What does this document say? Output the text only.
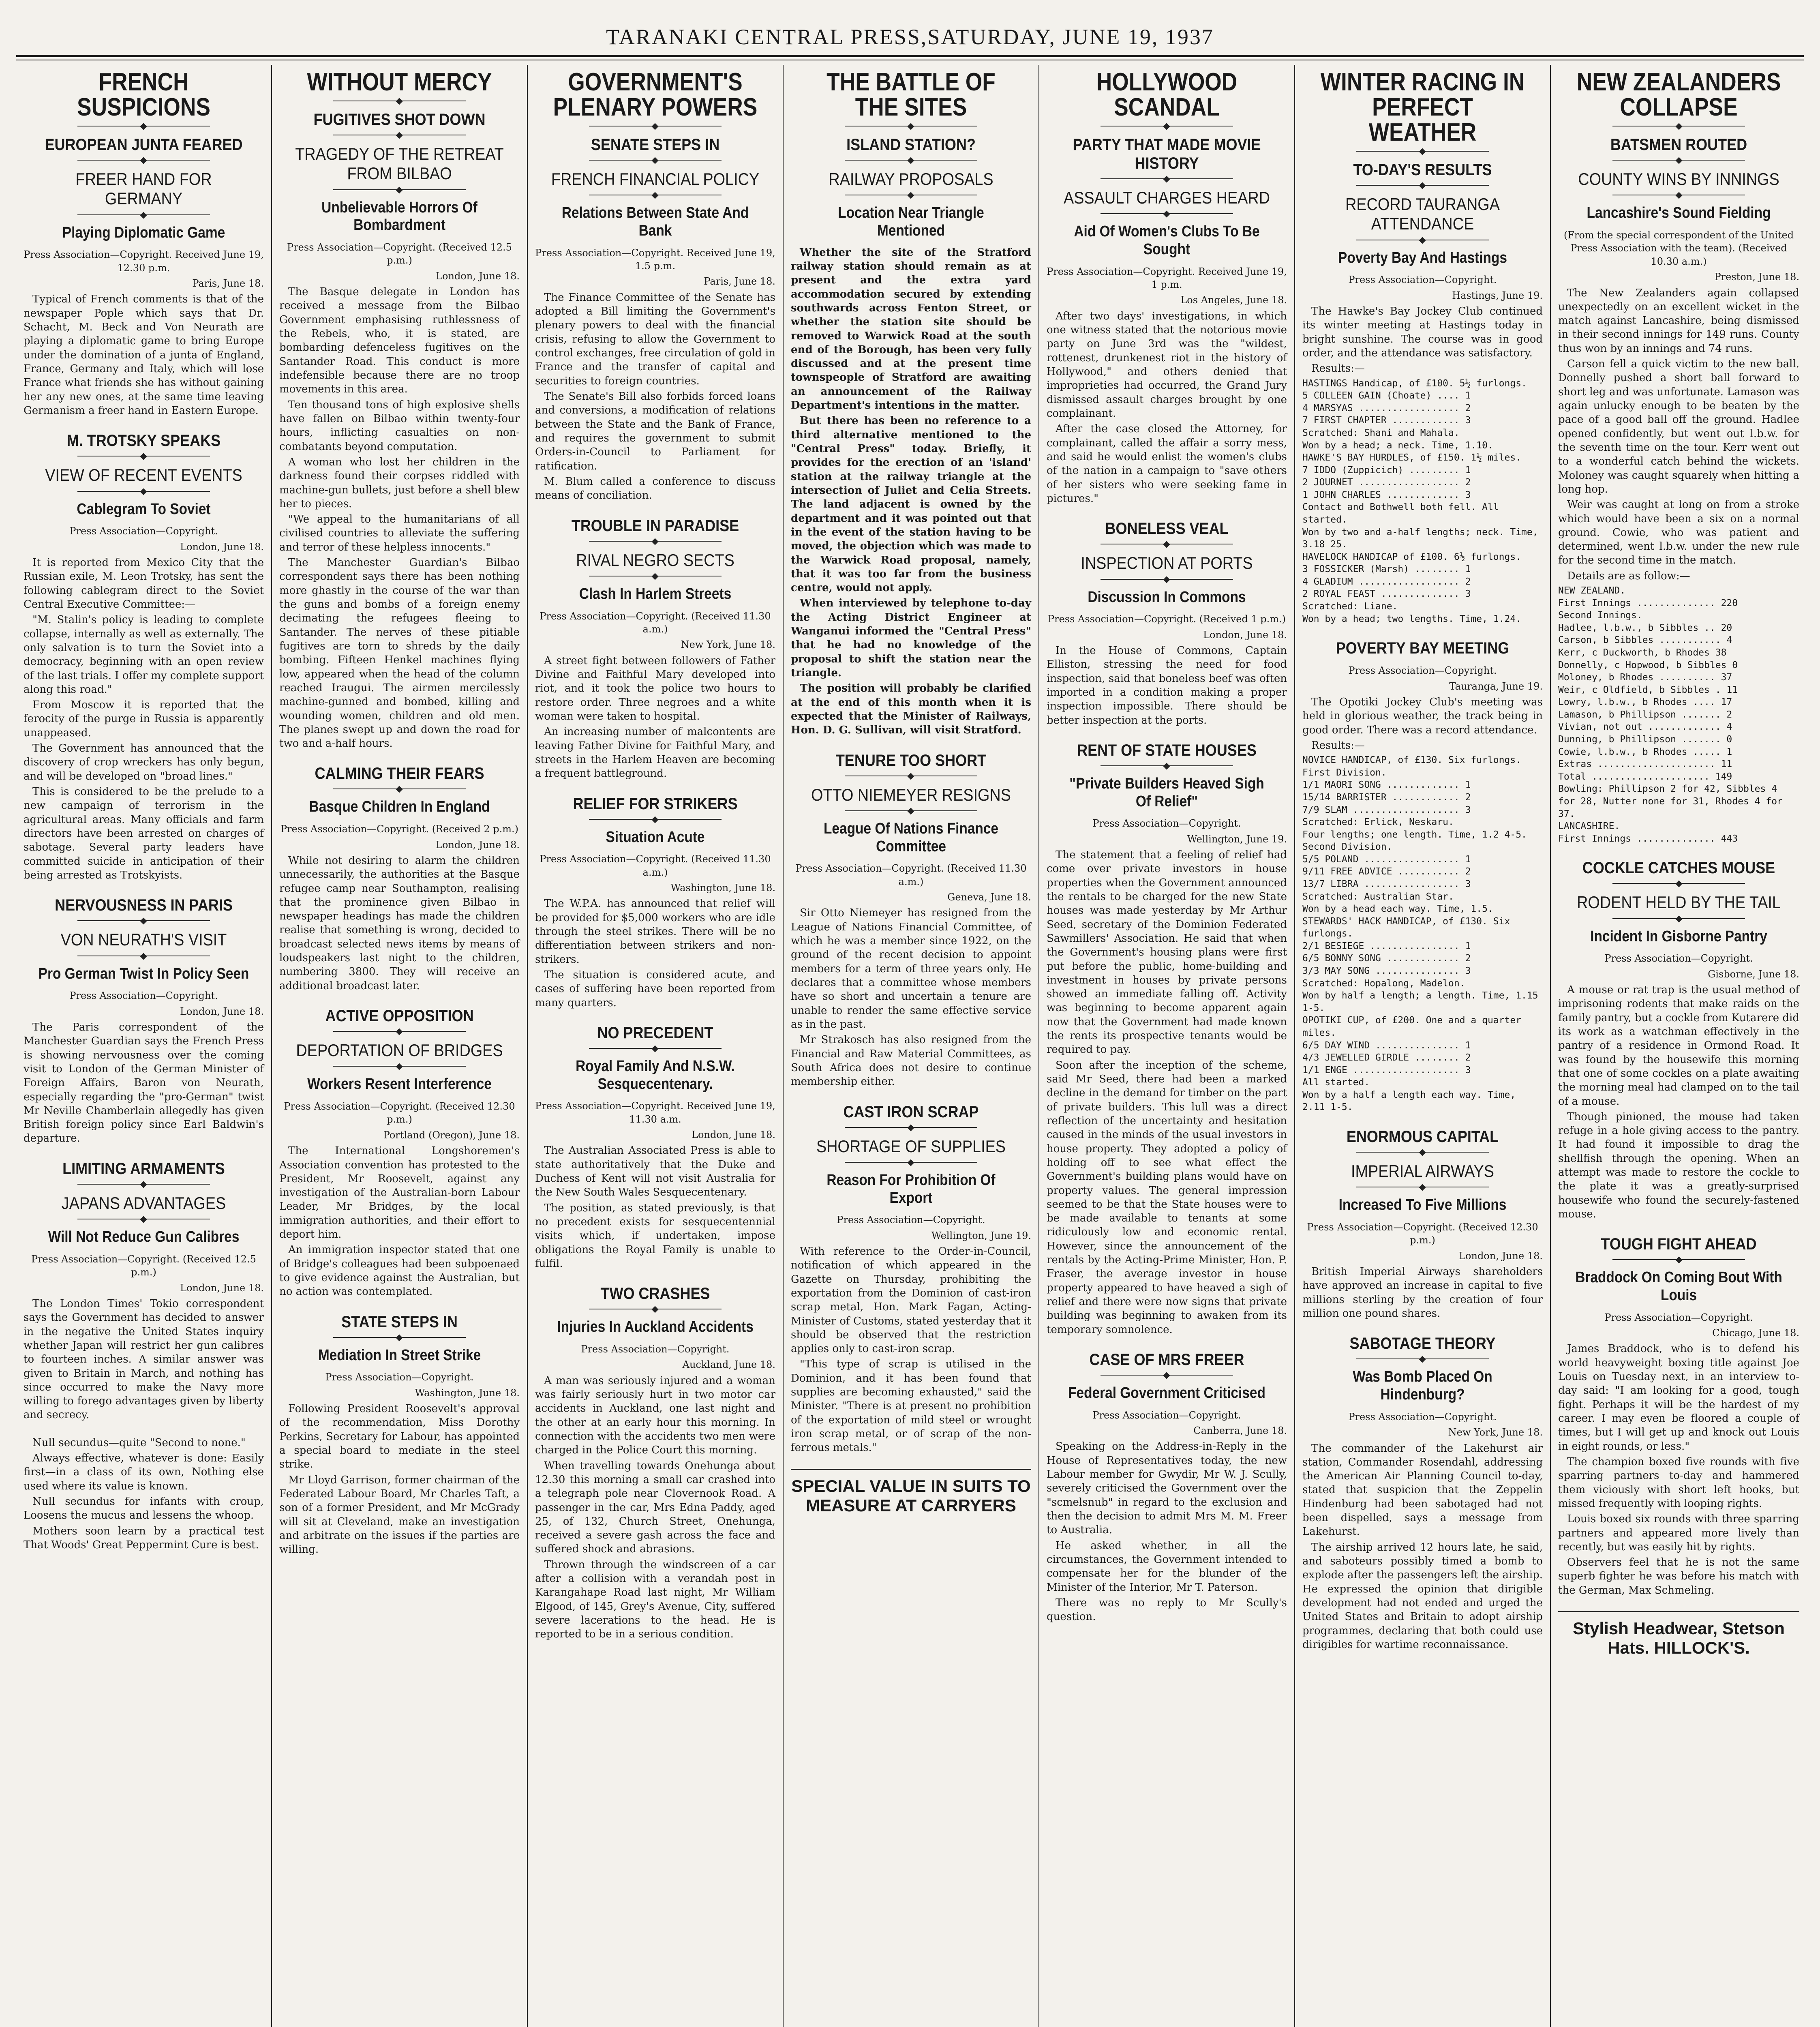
TARANAKI CENTRAL PRESS,SATURDAY, JUNE 19, 1937
FRENCH SUSPICIONS
EUROPEAN JUNTA FEARED
FREER HAND FOR GERMANY
Playing Diplomatic Game
Press Association—Copyright. Received June 19, 12.30 p.m.
Paris, June 18.

Typical of French comments is that of the newspaper Pople which says that Dr. Schacht, M. Beck and Von Neurath are playing a diplomatic game to bring Europe under the domination of a junta of England, France, Germany and Italy, which will lose France what friends she has without gaining her any new ones, at the same time leaving Germanism a freer hand in Eastern Europe.

M. TROTSKY SPEAKS
VIEW OF RECENT EVENTS
Cablegram To Soviet
Press Association—Copyright.
London, June 18.

It is reported from Mexico City that the Russian exile, M. Leon Trotsky, has sent the following cablegram direct to the Soviet Central Executive Committee:—

"M. Stalin's policy is leading to complete collapse, internally as well as externally. The only salvation is to turn the Soviet into a democracy, beginning with an open review of the last trials. I offer my complete support along this road."

From Moscow it is reported that the ferocity of the purge in Russia is apparently unappeased.

The Government has announced that the discovery of crop wreckers has only begun, and will be developed on "broad lines."

This is considered to be the prelude to a new campaign of terrorism in the agricultural areas. Many officials and farm directors have been arrested on charges of sabotage. Several party leaders have committed suicide in anticipation of their being arrested as Trotskyists.

NERVOUSNESS IN PARIS
VON NEURATH'S VISIT
Pro German Twist In Policy Seen
Press Association—Copyright.
London, June 18.

The Paris correspondent of the Manchester Guardian says the French Press is showing nervousness over the coming visit to London of the German Minister of Foreign Affairs, Baron von Neurath, especially regarding the "pro-German" twist Mr Neville Chamberlain allegedly has given British foreign policy since Earl Baldwin's departure.

LIMITING ARMAMENTS
JAPANS ADVANTAGES
Will Not Reduce Gun Calibres
Press Association—Copyright. (Received 12.5 p.m.)
London, June 18.

The London Times' Tokio correspondent says the Government has decided to answer in the negative the United States inquiry whether Japan will restrict her gun calibres to fourteen inches. A similar answer was given to Britain in March, and nothing has since occurred to make the Navy more willing to forego advantages given by liberty and secrecy.

Null secundus—quite "Second to none."

Always effective, whatever is done: Easily first—in a class of its own, Nothing else used where its value is known.

Null secundus for infants with croup, Loosens the mucus and lessens the whoop.

Mothers soon learn by a practical test That Woods' Great Peppermint Cure is best.

WITHOUT MERCY
FUGITIVES SHOT DOWN
TRAGEDY OF THE RETREAT FROM BILBAO
Unbelievable Horrors Of Bombardment
Press Association—Copyright. (Received 12.5 p.m.)
London, June 18.

The Basque delegate in London has received a message from the Bilbao Government emphasising ruthlessness of the Rebels, who, it is stated, are bombarding defenceless fugitives on the Santander Road. This conduct is more indefensible because there are no troop movements in this area.

Ten thousand tons of high explosive shells have fallen on Bilbao within twenty-four hours, inflicting casualties on non-combatants beyond computation.

A woman who lost her children in the darkness found their corpses riddled with machine-gun bullets, just before a shell blew her to pieces.

"We appeal to the humanitarians of all civilised countries to alleviate the suffering and terror of these helpless innocents."

The Manchester Guardian's Bilbao correspondent says there has been nothing more ghastly in the course of the war than the guns and bombs of a foreign enemy decimating the refugees fleeing to Santander. The nerves of these pitiable fugitives are torn to shreds by the daily bombing. Fifteen Henkel machines flying low, appeared when the head of the column reached Iraugui. The airmen mercilessly machine-gunned and bombed, killing and wounding women, children and old men. The planes swept up and down the road for two and a-half hours.

CALMING THEIR FEARS
Basque Children In England
Press Association—Copyright. (Received 2 p.m.)
London, June 18.

While not desiring to alarm the children unnecessarily, the authorities at the Basque refugee camp near Southampton, realising that the prominence given Bilbao in newspaper headings has made the children realise that something is wrong, decided to broadcast selected news items by means of loudspeakers last night to the children, numbering 3800. They will receive an additional broadcast later.

ACTIVE OPPOSITION
DEPORTATION OF BRIDGES
Workers Resent Interference
Press Association—Copyright. (Received 12.30 p.m.)
Portland (Oregon), June 18.

The International Longshoremen's Association convention has protested to the President, Mr Roosevelt, against any investigation of the Australian-born Labour Leader, Mr Bridges, by the local immigration authorities, and their effort to deport him.

An immigration inspector stated that one of Bridge's colleagues had been subpoenaed to give evidence against the Australian, but no action was contemplated.

STATE STEPS IN
Mediation In Street Strike
Press Association—Copyright.
Washington, June 18.

Following President Roosevelt's approval of the recommendation, Miss Dorothy Perkins, Secretary for Labour, has appointed a special board to mediate in the steel strike.

Mr Lloyd Garrison, former chairman of the Federated Labour Board, Mr Charles Taft, a son of a former President, and Mr McGrady will sit at Cleveland, make an investigation and arbitrate on the issues if the parties are willing.

GOVERNMENT'S PLENARY POWERS
SENATE STEPS IN
FRENCH FINANCIAL POLICY
Relations Between State And Bank
Press Association—Copyright. Received June 19, 1.5 p.m.
Paris, June 18.

The Finance Committee of the Senate has adopted a Bill limiting the Government's plenary powers to deal with the financial crisis, refusing to allow the Government to control exchanges, free circulation of gold in France and the transfer of capital and securities to foreign countries.

The Senate's Bill also forbids forced loans and conversions, a modification of relations between the State and the Bank of France, and requires the government to submit Orders-in-Council to Parliament for ratification.

M. Blum called a conference to discuss means of conciliation.

TROUBLE IN PARADISE
RIVAL NEGRO SECTS
Clash In Harlem Streets
Press Association—Copyright. (Received 11.30 a.m.)
New York, June 18.

A street fight between followers of Father Divine and Faithful Mary developed into riot, and it took the police two hours to restore order. Three negroes and a white woman were taken to hospital.

An increasing number of malcontents are leaving Father Divine for Faithful Mary, and streets in the Harlem Heaven are becoming a frequent battleground.

RELIEF FOR STRIKERS
Situation Acute
Press Association—Copyright. (Received 11.30 a.m.)
Washington, June 18.

The W.P.A. has announced that relief will be provided for $5,000 workers who are idle through the steel strikes. There will be no differentiation between strikers and non-strikers.

The situation is considered acute, and cases of suffering have been reported from many quarters.

NO PRECEDENT
Royal Family And N.S.W. Sesquecentenary.
Press Association—Copyright. Received June 19, 11.30 a.m.
London, June 18.

The Australian Associated Press is able to state authoritatively that the Duke and Duchess of Kent will not visit Australia for the New South Wales Sesquecentenary.

The position, as stated previously, is that no precedent exists for sesquecentennial visits which, if undertaken, impose obligations the Royal Family is unable to fulfil.

TWO CRASHES
Injuries In Auckland Accidents
Press Association—Copyright.
Auckland, June 18.

A man was seriously injured and a woman was fairly seriously hurt in two motor car accidents in Auckland, one last night and the other at an early hour this morning. In connection with the accidents two men were charged in the Police Court this morning.

When travelling towards Onehunga about 12.30 this morning a small car crashed into a telegraph pole near Clovernook Road. A passenger in the car, Mrs Edna Paddy, aged 25, of 132, Church Street, Onehunga, received a severe gash across the face and suffered shock and abrasions.

Thrown through the windscreen of a car after a collision with a verandah post in Karangahape Road last night, Mr William Elgood, of 145, Grey's Avenue, City, suffered severe lacerations to the head. He is reported to be in a serious condition.

THE BATTLE OF THE SITES
ISLAND STATION?
RAILWAY PROPOSALS
Location Near Triangle Mentioned

Whether the site of the Stratford railway station should remain as at present and the extra yard accommodation secured by extending southwards across Fenton Street, or whether the station site should be removed to Warwick Road at the south end of the Borough, has been very fully discussed and at the present time townspeople of Stratford are awaiting an announcement of the Railway Department's intentions in the matter.

But there has been no reference to a third alternative mentioned to the "Central Press" today. Briefly, it provides for the erection of an 'island' station at the railway triangle at the intersection of Juliet and Celia Streets. The land adjacent is owned by the department and it was pointed out that in the event of the station having to be moved, the objection which was made to the Warwick Road proposal, namely, that it was too far from the business centre, would not apply.

When interviewed by telephone to-day the Acting District Engineer at Wanganui informed the "Central Press" that he had no knowledge of the proposal to shift the station near the triangle.

The position will probably be clarified at the end of this month when it is expected that the Minister of Railways, Hon. D. G. Sullivan, will visit Stratford.

TENURE TOO SHORT
OTTO NIEMEYER RESIGNS
League Of Nations Finance Committee
Press Association—Copyright. (Received 11.30 a.m.)
Geneva, June 18.

Sir Otto Niemeyer has resigned from the League of Nations Financial Committee, of which he was a member since 1922, on the ground of the recent decision to appoint members for a term of three years only. He declares that a committee whose members have so short and uncertain a tenure are unable to render the same effective service as in the past.

Mr Strakosch has also resigned from the Financial and Raw Material Committees, as South Africa does not desire to continue membership either.

CAST IRON SCRAP
SHORTAGE OF SUPPLIES
Reason For Prohibition Of Export
Press Association—Copyright.
Wellington, June 19.

With reference to the Order-in-Council, notification of which appeared in the Gazette on Thursday, prohibiting the exportation from the Dominion of cast-iron scrap metal, Hon. Mark Fagan, Acting-Minister of Customs, stated yesterday that it should be observed that the restriction applies only to cast-iron scrap.

"This type of scrap is utilised in the Dominion, and it has been found that supplies are becoming exhausted," said the Minister. "There is at present no prohibition of the exportation of mild steel or wrought iron scrap metal, or of scrap of the non-ferrous metals."

SPECIAL VALUE IN SUITS TO MEASURE AT CARRYERS
HOLLYWOOD SCANDAL
PARTY THAT MADE MOVIE HISTORY
ASSAULT CHARGES HEARD
Aid Of Women's Clubs To Be Sought
Press Association—Copyright. Received June 19, 1 p.m.
Los Angeles, June 18.

After two days' investigations, in which one witness stated that the notorious movie party on June 3rd was the "wildest, rottenest, drunkenest riot in the history of Hollywood," and others denied that improprieties had occurred, the Grand Jury dismissed assault charges brought by one complainant.

After the case closed the Attorney, for complainant, called the affair a sorry mess, and said he would enlist the women's clubs of the nation in a campaign to "save others of her sisters who were seeking fame in pictures."

BONELESS VEAL
INSPECTION AT PORTS
Discussion In Commons
Press Association—Copyright. (Received 1 p.m.)
London, June 18.

In the House of Commons, Captain Elliston, stressing the need for food inspection, said that boneless beef was often imported in a condition making a proper inspection impossible. There should be better inspection at the ports.

RENT OF STATE HOUSES
"Private Builders Heaved Sigh Of Relief"
Press Association—Copyright.
Wellington, June 19.

The statement that a feeling of relief had come over private investors in house properties when the Government announced the rentals to be charged for the new State houses was made yesterday by Mr Arthur Seed, secretary of the Dominion Federated Sawmillers' Association. He said that when the Government's housing plans were first put before the public, home-building and investment in houses by private persons showed an immediate falling off. Activity was beginning to become apparent again now that the Government had made known the rents its prospective tenants would be required to pay.

Soon after the inception of the scheme, said Mr Seed, there had been a marked decline in the demand for timber on the part of private builders. This lull was a direct reflection of the uncertainty and hesitation caused in the minds of the usual investors in house property. They adopted a policy of holding off to see what effect the Government's building plans would have on property values. The general impression seemed to be that the State houses were to be made available to tenants at some ridiculously low and economic rental. However, since the announcement of the rentals by the Acting-Prime Minister, Hon. P. Fraser, the average investor in house property appeared to have heaved a sigh of relief and there were now signs that private building was beginning to awaken from its temporary somnolence.

CASE OF MRS FREER
Federal Government Criticised
Press Association—Copyright.
Canberra, June 18.

Speaking on the Address-in-Reply in the House of Representatives today, the new Labour member for Gwydir, Mr W. J. Scully, severely criticised the Government over the "scmelsnub" in regard to the exclusion and then the decision to admit Mrs M. M. Freer to Australia.

He asked whether, in all the circumstances, the Government intended to compensate her for the blunder of the Minister of the Interior, Mr T. Paterson.

There was no reply to Mr Scully's question.

WINTER RACING IN PERFECT WEATHER
TO-DAY'S RESULTS
RECORD TAURANGA ATTENDANCE
Poverty Bay And Hastings
Press Association—Copyright.
Hastings, June 19.

The Hawke's Bay Jockey Club continued its winter meeting at Hastings today in bright sunshine. The course was in good order, and the attendance was satisfactory.

Results:—

HASTINGS Handicap, of £100. 5½ furlongs.

5 COLLEEN GAIN (Choate) .... 1

4 MARSYAS .................. 2

7 FIRST CHAPTER ............ 3

Scratched: Shani and Mahala.

Won by a head; a neck. Time, 1.10.

HAWKE'S BAY HURDLES, of £150. 1½ miles.

7 IDDO (Zuppicich) ......... 1

2 JOURNET .................. 2

1 JOHN CHARLES ............. 3

Contact and Bothwell both fell. All started.

Won by two and a-half lengths; neck. Time, 3.18 25.

HAVELOCK HANDICAP of £100. 6½ furlongs.

3 FOSSICKER (Marsh) ........ 1

4 GLADIUM .................. 2

2 ROYAL FEAST .............. 3

Scratched: Liane.

Won by a head; two lengths. Time, 1.24.

POVERTY BAY MEETING
Press Association—Copyright.
Tauranga, June 19.

The Opotiki Jockey Club's meeting was held in glorious weather, the track being in good order. There was a record attendance.

Results:—

NOVICE HANDICAP, of £130. Six furlongs. First Division.

1/1 MAORI SONG ............. 1

15/14 BARRISTER ............ 2

7/9 SLAM ................... 3

Scratched: Erlick, Neskaru.

Four lengths; one length. Time, 1.2 4-5.

Second Division.

5/5 POLAND ................. 1

9/11 FREE ADVICE ........... 2

13/7 LIBRA ................. 3

Scratched: Australian Star.

Won by a head each way. Time, 1.5.

STEWARDS' HACK HANDICAP, of £130. Six furlongs.

2/1 BESIEGE ................ 1

6/5 BONNY SONG ............. 2

3/3 MAY SONG ............... 3

Scratched: Hopalong, Madelon.

Won by half a length; a length. Time, 1.15 1-5.

OPOTIKI CUP, of £200. One and a quarter miles.

6/5 DAY WIND ............... 1

4/3 JEWELLED GIRDLE ........ 2

1/1 ENGE ................... 3

All started.

Won by a half a length each way. Time, 2.11 1-5.

ENORMOUS CAPITAL
IMPERIAL AIRWAYS
Increased To Five Millions
Press Association—Copyright. (Received 12.30 p.m.)
London, June 18.

British Imperial Airways shareholders have approved an increase in capital to five millions sterling by the creation of four million one pound shares.

SABOTAGE THEORY
Was Bomb Placed On Hindenburg?
Press Association—Copyright.
New York, June 18.

The commander of the Lakehurst air station, Commander Rosendahl, addressing the American Air Planning Council to-day, stated that suspicion that the Zeppelin Hindenburg had been sabotaged had not been dispelled, says a message from Lakehurst.

The airship arrived 12 hours late, he said, and saboteurs possibly timed a bomb to explode after the passengers left the airship. He expressed the opinion that dirigible development had not ended and urged the United States and Britain to adopt airship programmes, declaring that both could use dirigibles for wartime reconnaissance.

NEW ZEALANDERS COLLAPSE
BATSMEN ROUTED
COUNTY WINS BY INNINGS
Lancashire's Sound Fielding
(From the special correspondent of the United Press Association with the team). (Received 10.30 a.m.)
Preston, June 18.

The New Zealanders again collapsed unexpectedly on an excellent wicket in the match against Lancashire, being dismissed in their second innings for 149 runs. County thus won by an innings and 74 runs.

Carson fell a quick victim to the new ball. Donnelly pushed a short ball forward to short leg and was unfortunate. Lamason was again unlucky enough to be beaten by the pace of a good ball off the ground. Hadlee opened confidently, but went out l.b.w. for the seventh time on the tour. Kerr went out to a wonderful catch behind the wickets. Moloney was caught squarely when hitting a long hop.

Weir was caught at long on from a stroke which would have been a six on a normal ground. Cowie, who was patient and determined, went l.b.w. under the new rule for the second time in the match.

Details are as follow:—

NEW ZEALAND.

First Innings .............. 220

Second Innings.

Hadlee, l.b.w., b Sibbles .. 20

Carson, b Sibbles ........... 4

Kerr, c Duckworth, b Rhodes 38

Donnelly, c Hopwood, b Sibbles 0

Moloney, b Rhodes .......... 37

Weir, c Oldfield, b Sibbles . 11

Lowry, l.b.w., b Rhodes .... 17

Lamason, b Phillipson ....... 2

Vivian, not out ............. 4

Dunning, b Phillipson ....... 0

Cowie, l.b.w., b Rhodes ..... 1

Extras ..................... 11

Total ..................... 149

Bowling: Phillipson 2 for 42, Sibbles 4 for 28, Nutter none for 31, Rhodes 4 for 37.

LANCASHIRE.

First Innings .............. 443

COCKLE CATCHES MOUSE
RODENT HELD BY THE TAIL
Incident In Gisborne Pantry
Press Association—Copyright.
Gisborne, June 18.

A mouse or rat trap is the usual method of imprisoning rodents that make raids on the family pantry, but a cockle from Kutarere did its work as a watchman effectively in the pantry of a residence in Ormond Road. It was found by the housewife this morning that one of some cockles on a plate awaiting the morning meal had clamped on to the tail of a mouse.

Though pinioned, the mouse had taken refuge in a hole giving access to the pantry. It had found it impossible to drag the shellfish through the opening. When an attempt was made to restore the cockle to the plate it was a greatly-surprised housewife who found the securely-fastened mouse.

TOUGH FIGHT AHEAD
Braddock On Coming Bout With Louis
Press Association—Copyright.
Chicago, June 18.

James Braddock, who is to defend his world heavyweight boxing title against Joe Louis on Tuesday next, in an interview to-day said: "I am looking for a good, tough fight. Perhaps it will be the hardest of my career. I may even be floored a couple of times, but I will get up and knock out Louis in eight rounds, or less."

The champion boxed five rounds with five sparring partners to-day and hammered them viciously with short left hooks, but missed frequently with looping rights.

Louis boxed six rounds with three sparring partners and appeared more lively than recently, but was easily hit by rights.

Observers feel that he is not the same superb fighter he was before his match with the German, Max Schmeling.

Stylish Headwear, Stetson Hats. HILLOCK'S.
